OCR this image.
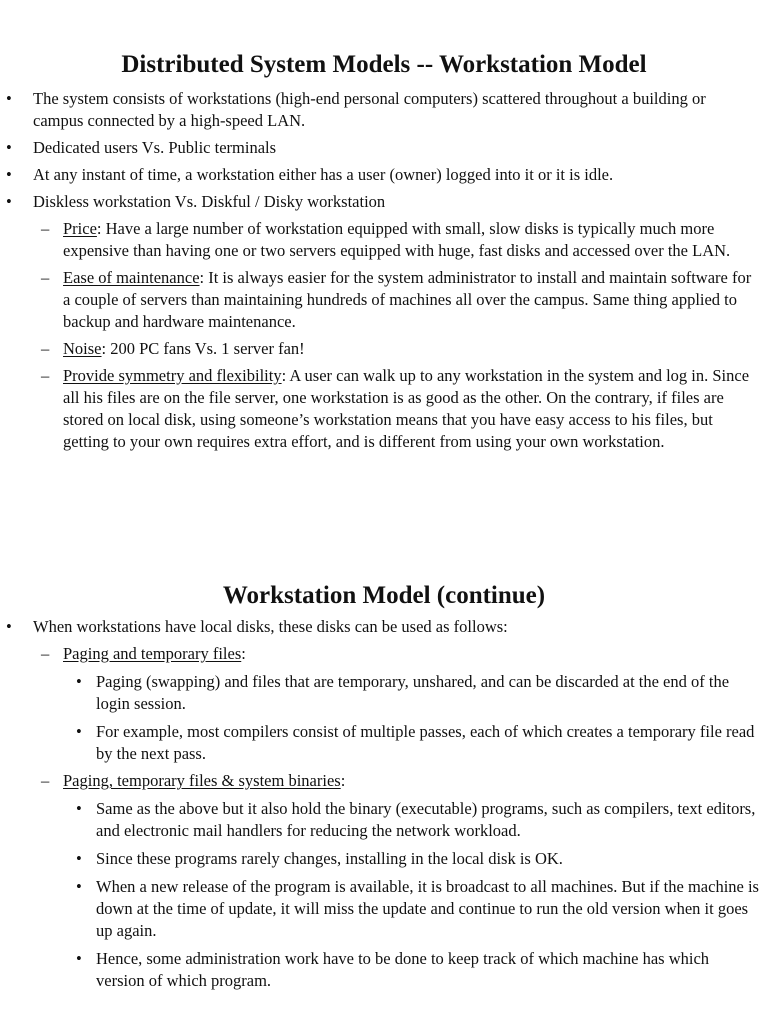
Distributed System Models -- Workstation Model
• The system consists of workstations (high-end personal computers) scattered throughout a building or campus connected by a high-speed LAN.
• Dedicated users Vs. Public terminals
• At any instant of time, a workstation either has a user (owner) logged into it or it is idle.
• Diskless workstation Vs. Diskful / Disky workstation
– Price: Have a large number of workstation equipped with small, slow disks is typically much more expensive than having one or two servers equipped with huge, fast disks and accessed over the LAN.
– Ease of maintenance: It is always easier for the system administrator to install and maintain software for a couple of servers than maintaining hundreds of machines all over the campus. Same thing applied to backup and hardware maintenance.
– Noise: 200 PC fans Vs. 1 server fan!
– Provide symmetry and flexibility: A user can walk up to any workstation in the system and log in. Since all his files are on the file server, one workstation is as good as the other. On the contrary, if files are stored on local disk, using someone’s workstation means that you have easy access to his files, but getting to your own requires extra effort, and is different from using your own workstation.
Workstation Model (continue)
• When workstations have local disks, these disks can be used as follows:
– Paging and temporary files:
• Paging (swapping) and files that are temporary, unshared, and can be discarded at the end of the login session.
• For example, most compilers consist of multiple passes, each of which creates a temporary file read by the next pass.
– Paging, temporary files & system binaries:
• Same as the above but it also hold the binary (executable) programs, such as compilers, text editors, and electronic mail handlers for reducing the network workload.
• Since these programs rarely changes, installing in the local disk is OK.
• When a new release of the program is available, it is broadcast to all machines. But if the machine is down at the time of update, it will miss the update and continue to run the old version when it goes up again.
• Hence, some administration work have to be done to keep track of which machine has which version of which program.
